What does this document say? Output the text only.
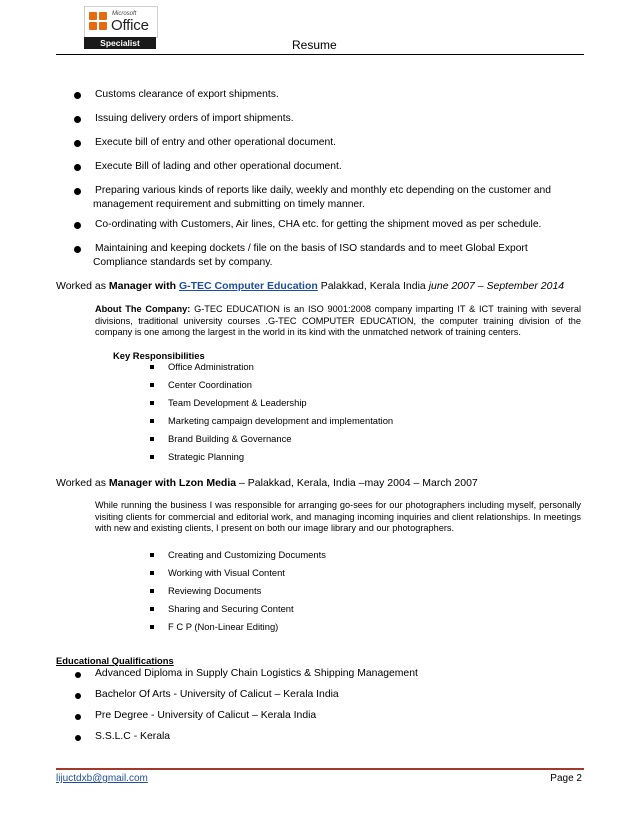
Microsoft
Office
Specialist	Resume
Customs clearance of export shipments.
Issuing delivery orders of import shipments.
Execute bill of entry and other operational document.
Execute Bill of lading and other operational document.
Preparing various kinds of reports like daily, weekly and monthly etc depending on the customer and
management requirement and submitting on timely manner.
Co-ordinating with Customers, Air lines, CHA etc. for getting the shipment moved as per schedule.
Maintaining and keeping dockets / file on the basis of ISO standards and to meet Global Export
Compliance standards set by company.
Worked as Manager with G-TEC Computer Education Palakkad, Kerala India june 2007 – September 2014
About The Company: G-TEC EDUCATION is an ISO 9001:2008 company imparting IT & ICT training with several divisions, traditional university courses .G-TEC COMPUTER EDUCATION, the computer training division of the company is one among the largest in the world in its kind with the unmatched network of training centers.
Key Responsibilities
Office Administration
Center Coordination
Team Development & Leadership
Marketing campaign development and implementation
Brand Building & Governance
Strategic Planning
Worked as Manager with Lzon Media – Palakkad, Kerala, India –may 2004 – March 2007
While running the business I was responsible for arranging go-sees for our photographers including myself, personally visiting clients for commercial and editorial work, and managing incoming inquiries and client relationships. In meetings with new and existing clients, I present on both our image library and our photographers.
Creating and Customizing Documents
Working with Visual Content
Reviewing Documents
Sharing and Securing Content
F C P (Non-Linear Editing)
Educational Qualifications
Advanced Diploma in Supply Chain Logistics & Shipping Management
Bachelor Of Arts - University of Calicut – Kerala India
Pre Degree - University of Calicut – Kerala India
S.S.L.C - Kerala
lijuctdxb@gmail.com	Page 2
